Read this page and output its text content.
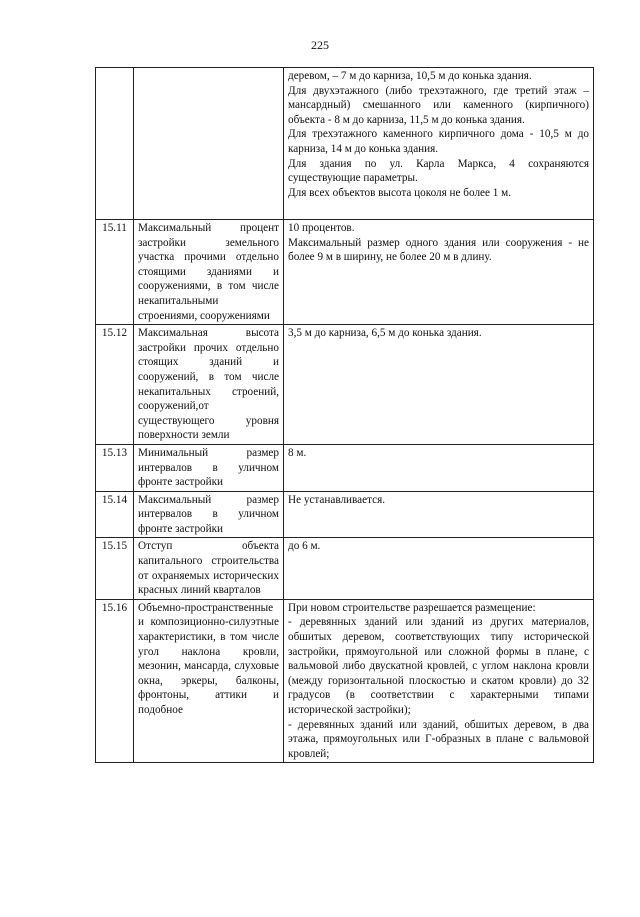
225

		деревом, – 7 м до карниза, 10,5 м до конька здания.

Для двухэтажного (либо трехэтажного, где третий этаж – мансардный) смешанного или каменного (кирпичного) объекта - 8 м до карниза, 11,5 м до конька здания.

Для трехэтажного каменного кирпичного дома - 10,5 м до карниза, 14 м до конька здания.

Для здания по ул. Карла Маркса, 4 сохраняются существующие параметры.

Для всех объектов высота цоколя не более 1 м.

15.11	Максимальный процент застройки земельного участка прочими отдельно стоящими зданиями и сооружениями, в том числе некапитальными строениями, сооружениями	10 процентов.

Максимальный размер одного здания или сооружения - не более 9 м в ширину, не более 20 м в длину.

15.12	Максимальная высота застройки прочих отдельно стоящих зданий и сооружений, в том числе некапитальных строений, сооружений,от существующего уровня поверхности земли	3,5 м до карниза, 6,5 м до конька здания.

15.13	Минимальный размер интервалов в уличном фронте застройки	8 м.

15.14	Максимальный размер интервалов в уличном фронте застройки	Не устанавливается.

15.15	Отступ объекта капитального строительства от охраняемых исторических красных линий кварталов	до 6 м.

15.16	Объемно-пространственные и композиционно-силуэтные характеристики, в том числе угол наклона кровли, мезонин, мансарда, слуховые окна, эркеры, балконы, фронтоны, аттики и подобное	При новом строительстве разрешается размещение:

- деревянных зданий или зданий из других материалов, обшитых деревом, соответствующих типу исторической застройки, прямоугольной или сложной формы в плане, с вальмовой либо двускатной кровлей, с углом наклона кровли (между горизонтальной плоскостью и скатом кровли) до 32 градусов (в соответствии с характерными типами исторической застройки);

- деревянных зданий или зданий, обшитых деревом, в два этажа, прямоугольных или Г-образных в плане с вальмовой кровлей;
